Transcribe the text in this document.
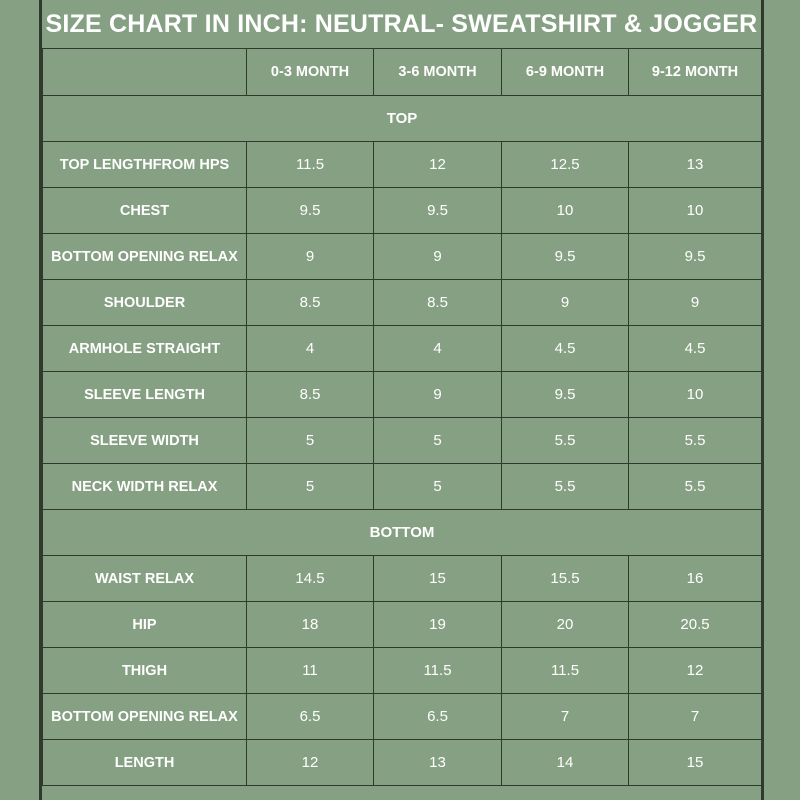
SIZE CHART IN INCH: NEUTRAL- SWEATSHIRT & JOGGER
	0-3 MONTH	3-6 MONTH	6-9 MONTH	9-12 MONTH
TOP				
TOP LENGTHFROM HPS	11.5	12	12.5	13
CHEST	9.5	9.5	10	10
BOTTOM OPENING RELAX	9	9	9.5	9.5
SHOULDER	8.5	8.5	9	9
ARMHOLE STRAIGHT	4	4	4.5	4.5
SLEEVE LENGTH	8.5	9	9.5	10
SLEEVE WIDTH	5	5	5.5	5.5
NECK WIDTH RELAX	5	5	5.5	5.5
BOTTOM				
WAIST RELAX	14.5	15	15.5	16
HIP	18	19	20	20.5
THIGH	11	11.5	11.5	12
BOTTOM OPENING RELAX	6.5	6.5	7	7
LENGTH	12	13	14	15
